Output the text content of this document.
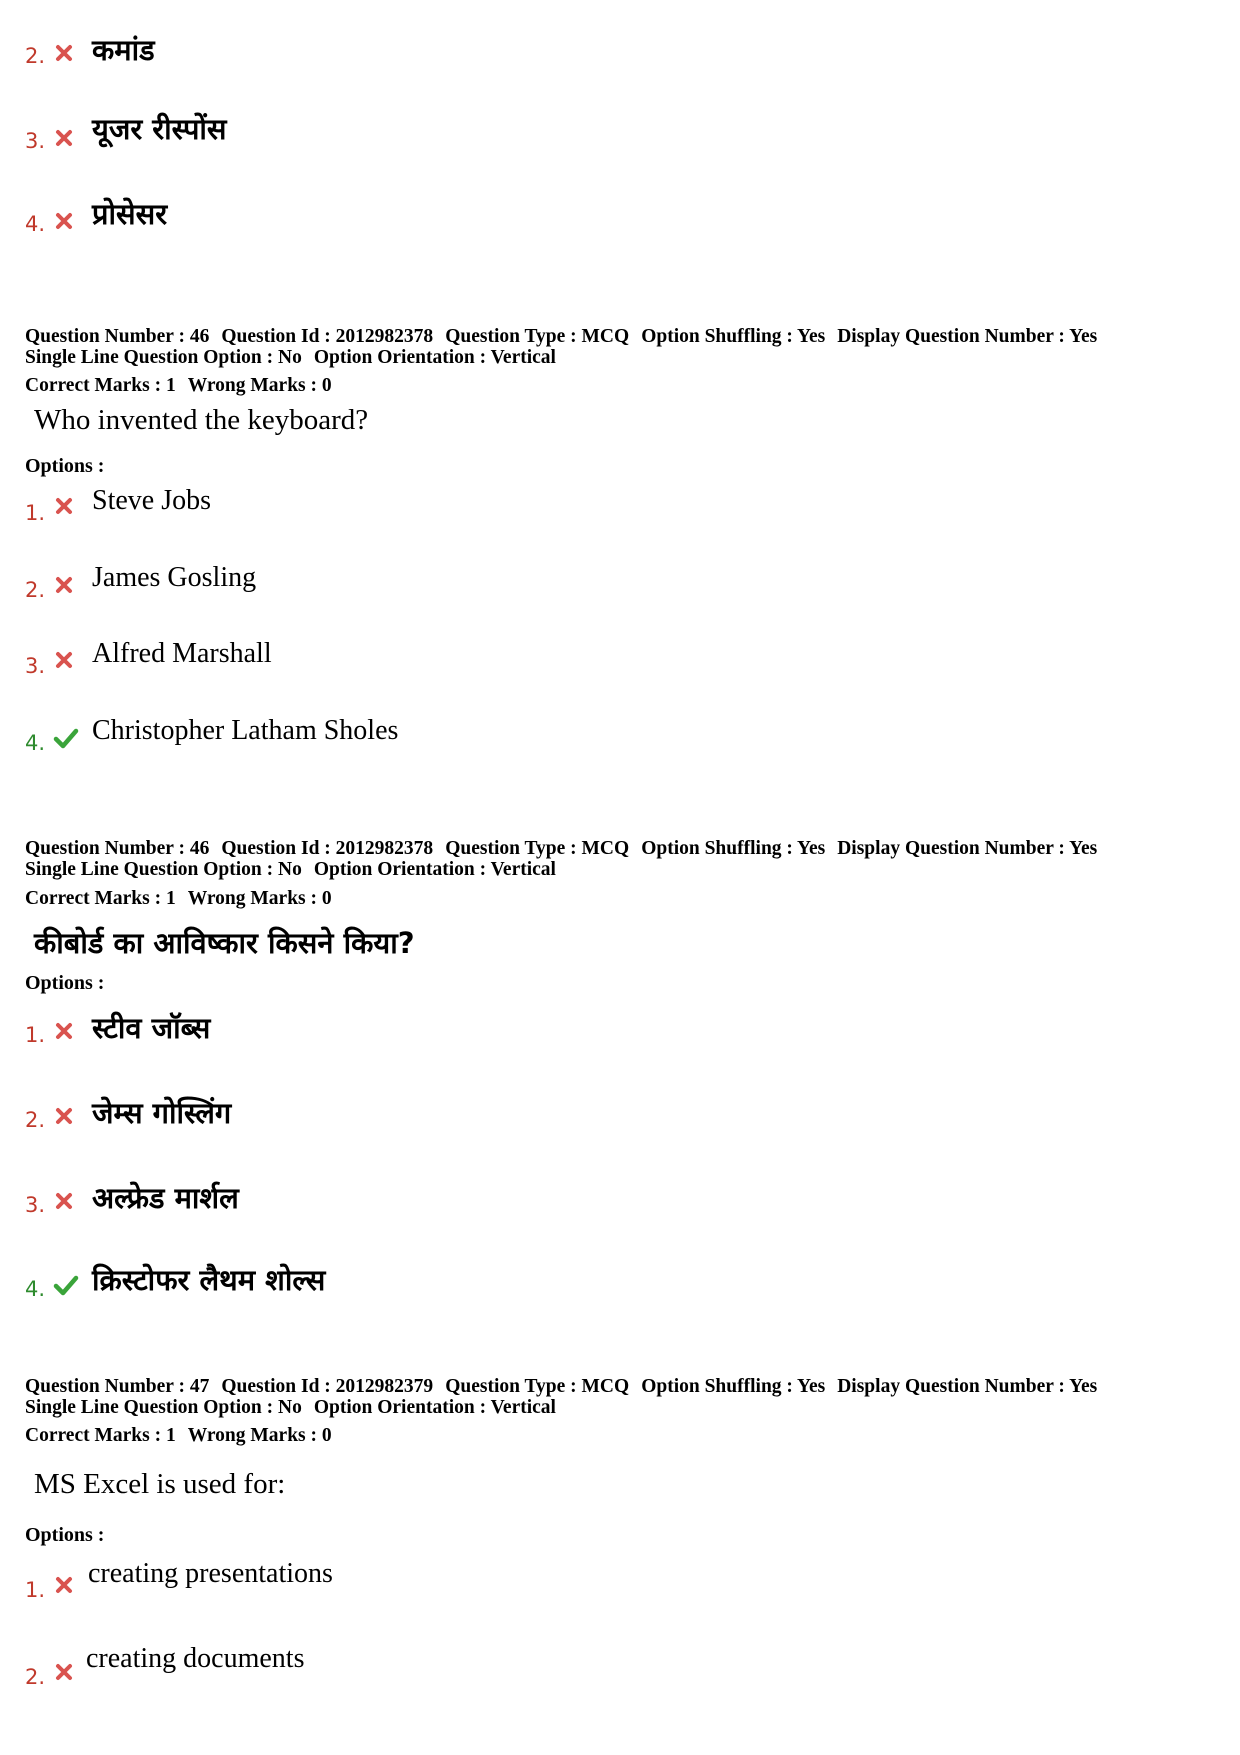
2. कमांड
3. यूजर रीस्पोंस
4. प्रोसेसर
Question Number : 46 Question Id : 2012982378 Question Type : MCQ Option Shuffling : Yes Display Question Number : Yes
Single Line Question Option : No Option Orientation : Vertical
Correct Marks : 1 Wrong Marks : 0
Who invented the keyboard?
Options :
1. Steve Jobs
2. James Gosling
3. Alfred Marshall
4. Christopher Latham Sholes
Question Number : 46 Question Id : 2012982378 Question Type : MCQ Option Shuffling : Yes Display Question Number : Yes
Single Line Question Option : No Option Orientation : Vertical
Correct Marks : 1 Wrong Marks : 0
कीबोर्ड का आविष्कार किसने किया?
Options :
1. स्टीव जॉब्स
2. जेम्स गोस्लिंग
3. अल्फ्रेड मार्शल
4. क्रिस्टोफर लैथम शोल्स
Question Number : 47 Question Id : 2012982379 Question Type : MCQ Option Shuffling : Yes Display Question Number : Yes
Single Line Question Option : No Option Orientation : Vertical
Correct Marks : 1 Wrong Marks : 0
MS Excel is used for:
Options :
1.
creating presentations
2.
creating documents
